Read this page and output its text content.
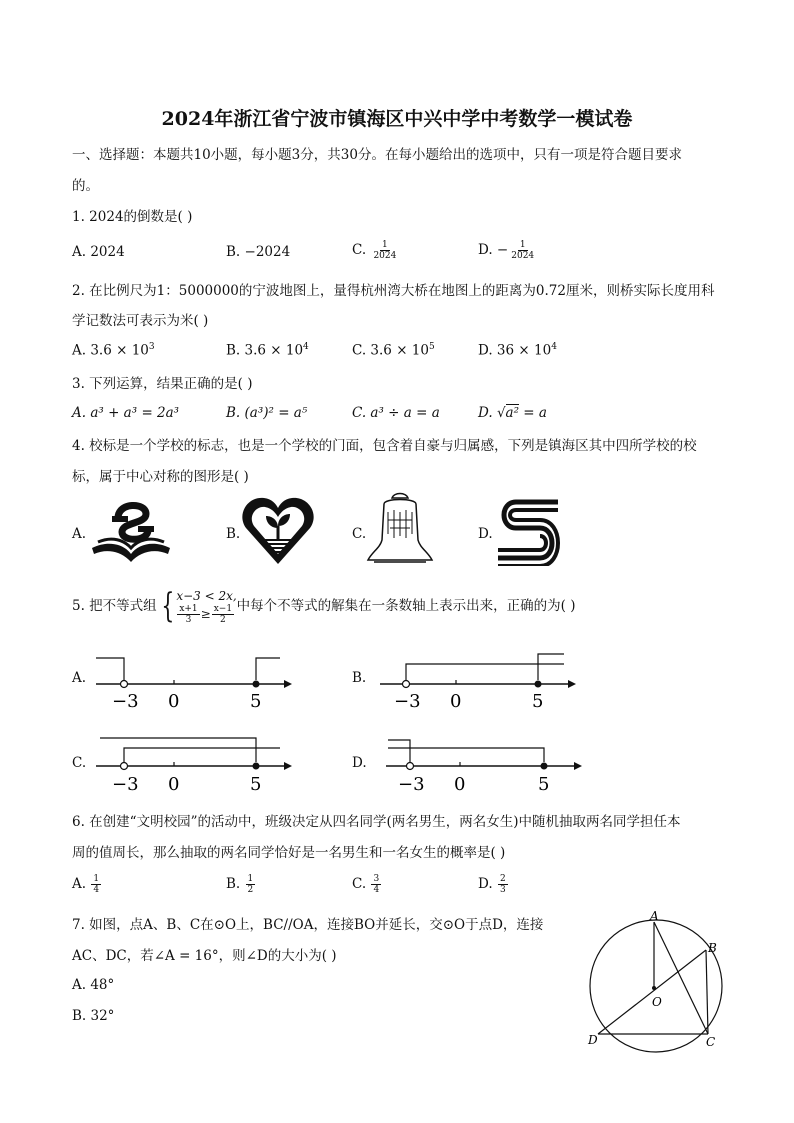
2024年浙江省宁波市镇海区中兴中学中考数学一模试卷
一、选择题：本题共10小题，每小题3分，共30分。在每小题给出的选项中，只有一项是符合题目要求
的。
1. 2024的倒数是( )
A. 2024	B. −2024	C. $\frac{1}{2024}$	D. − $\frac{1}{2024}$
2. 在比例尺为1：5000000的宁波地图上，量得杭州湾大桥在地图上的距离为0.72厘米，则桥实际长度用科
学记数法可表示为米( )
A. $3.6 \times 10^3$	B. $3.6 \times 10^4$	C. $3.6 \times 10^5$	D. $36 \times 10^4$
3. 下列运算，结果正确的是( )
A. a³ + a³ = 2a³	B. (a³)² = a⁵	C. a³ ÷ a = a	D. √a² = a
4. 校标是一个学校的标志，也是一个学校的门面，包含着自豪与归属感，下列是镇海区其中四所学校的校
标，属于中心对称的图形是( )
A.	B.	C.	D.
5. 把不等式组 { x−3 < 2x,
$\frac{x+1}{3} \ge \frac{x-1}{2}$ 中每个不等式的解集在一条数轴上表示出来，正确的为( )
A.
−3 0	5
B.
−3 0	5
C.
−3 0	5
D.
−3 0	5
6. 在创建“文明校园”的活动中，班级决定从四名同学(两名男生，两名女生)中随机抽取两名同学担任本
周的值周长，那么抽取的两名同学恰好是一名男生和一名女生的概率是( )
A. $\frac{1}{4}$	B. $\frac{1}{2}$	C. $\frac{3}{4}$	D. $\frac{2}{3}$
7. 如图，点A、B、C在⊙O上，BC//OA，连接BO并延长，交⊙O于点D，连接
AC、DC，若∠A = 16°，则∠D的大小为( )
A. 48°
B. 32°
A
B
C
D
O
